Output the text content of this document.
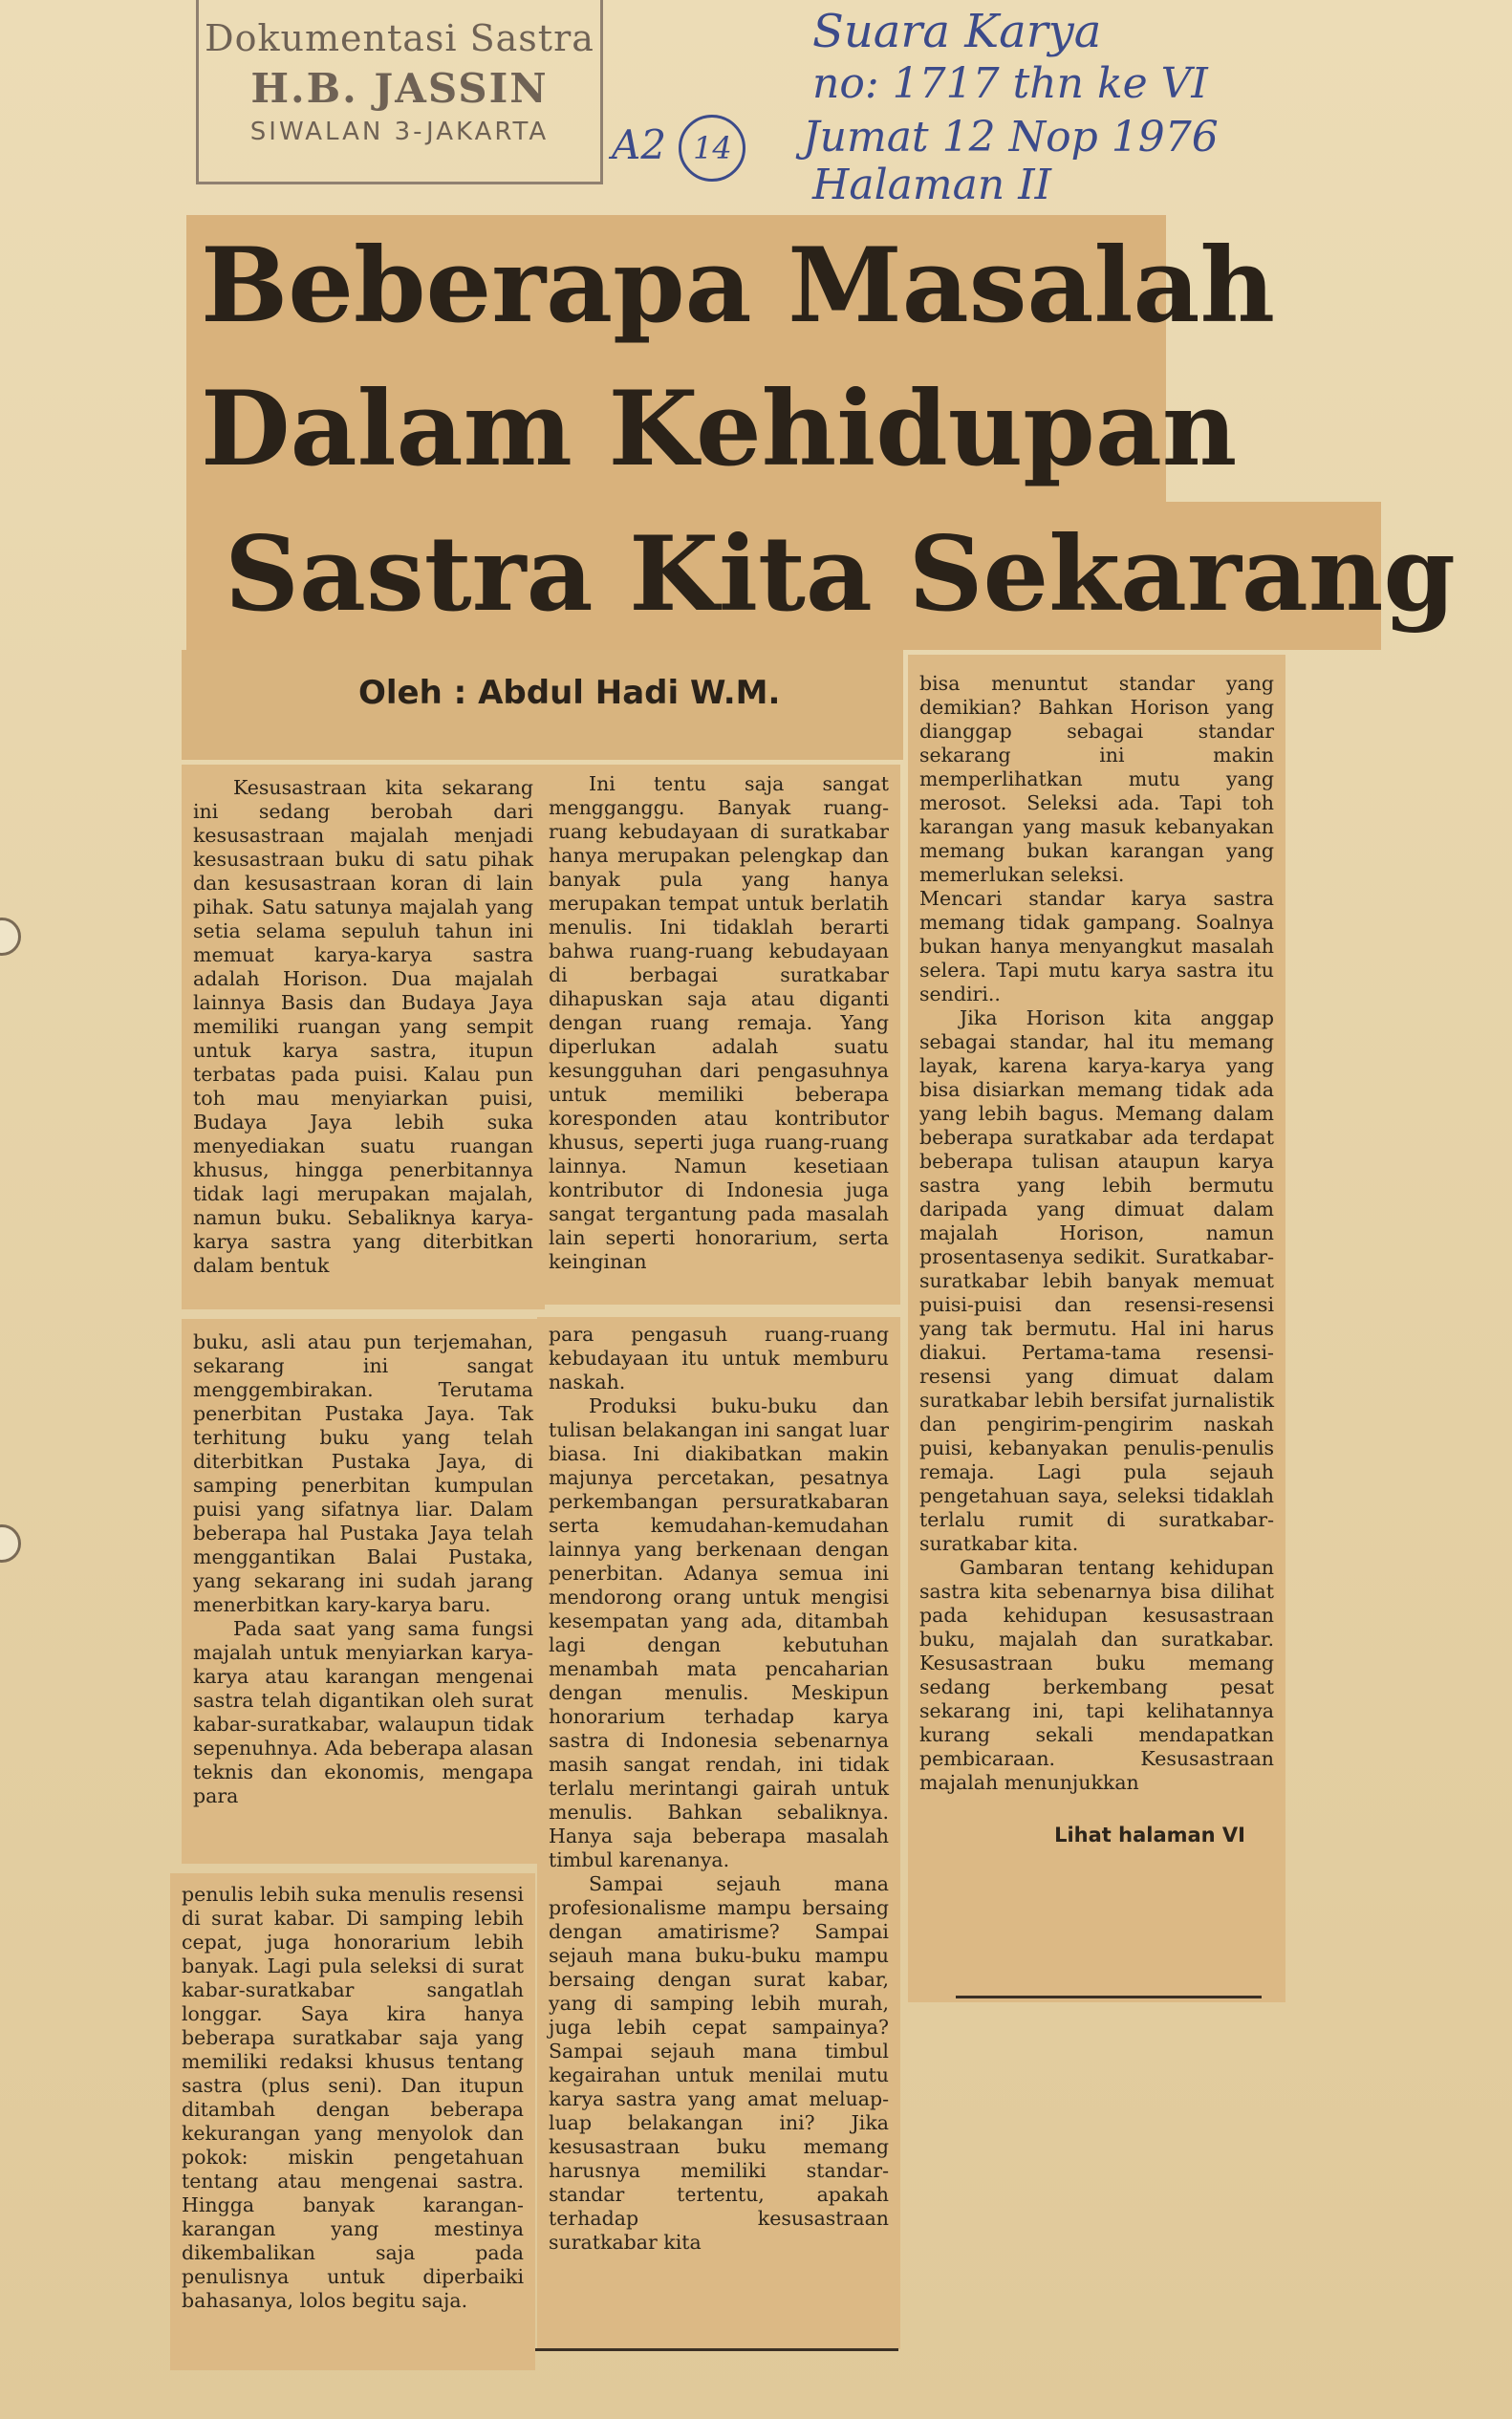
Dokumentasi Sastra
H.B. JASSIN
SIWALAN 3-JAKARTA
Suara Karya
no: 1717 thn ke VI
Jumat 12 Nop 1976
Halaman II
A2 14
Beberapa Masalah
Dalam Kehidupan
Sastra Kita Sekarang
Oleh : Abdul Hadi W.M.

Kesusastraan kita sekarang ini sedang berobah dari kesusastraan majalah menjadi kesusastraan buku di satu pihak dan kesusastraan koran di lain pihak. Satu satunya majalah yang setia selama sepuluh tahun ini memuat karya-karya sastra adalah Horison. Dua majalah lainnya Basis dan Budaya Jaya memiliki ruangan yang sempit untuk karya sastra, itupun terbatas pada puisi. Kalau pun toh mau menyiarkan puisi, Budaya Jaya lebih suka menyediakan suatu ruangan khusus, hingga penerbitannya tidak lagi merupakan majalah, namun buku. Sebaliknya karya-karya sastra yang diterbitkan dalam bentuk

buku, asli atau pun terjemahan, sekarang ini sangat menggembirakan. Terutama penerbitan Pustaka Jaya. Tak terhitung buku yang telah diterbitkan Pustaka Jaya, di samping penerbitan kumpulan puisi yang sifatnya liar. Dalam beberapa hal Pustaka Jaya telah menggantikan Balai Pustaka, yang sekarang ini sudah jarang menerbitkan kary-karya baru.

Pada saat yang sama fungsi majalah untuk menyiarkan karya-karya atau karangan mengenai sastra telah digantikan oleh surat kabar-suratkabar, walaupun tidak sepenuhnya. Ada beberapa alasan teknis dan ekonomis, mengapa para

penulis lebih suka menulis resensi di surat kabar. Di samping lebih cepat, juga honorarium lebih banyak. Lagi pula seleksi di surat kabar-suratkabar sangatlah longgar. Saya kira hanya beberapa suratkabar saja yang memiliki redaksi khusus tentang sastra (plus seni). Dan itupun ditambah dengan beberapa kekurangan yang menyolok dan pokok: miskin pengetahuan tentang atau mengenai sastra. Hingga banyak karangan-karangan yang mestinya dikembalikan saja pada penulisnya untuk diperbaiki bahasanya, lolos begitu saja.

Ini tentu saja sangat mengganggu. Banyak ruang-ruang kebudayaan di suratkabar hanya merupakan pelengkap dan banyak pula yang hanya merupakan tempat untuk berlatih menulis. Ini tidaklah berarti bahwa ruang-ruang kebudayaan di berbagai suratkabar dihapuskan saja atau diganti dengan ruang remaja. Yang diperlukan adalah suatu kesungguhan dari pengasuhnya untuk memiliki beberapa koresponden atau kontributor khusus, seperti juga ruang-ruang lainnya. Namun kesetiaan kontributor di Indonesia juga sangat tergantung pada masalah lain seperti honorarium, serta keinginan

para pengasuh ruang-ruang kebudayaan itu untuk memburu naskah.

Produksi buku-buku dan tulisan belakangan ini sangat luar biasa. Ini diakibatkan makin majunya percetakan, pesatnya perkembangan persuratkabaran serta kemudahan-kemudahan lainnya yang berkenaan dengan penerbitan. Adanya semua ini mendorong orang untuk mengisi kesempatan yang ada, ditambah lagi dengan kebutuhan menambah mata pencaharian dengan menulis. Meskipun honorarium terhadap karya sastra di Indonesia sebenarnya masih sangat rendah, ini tidak terlalu merintangi gairah untuk menulis. Bahkan sebaliknya. Hanya saja beberapa masalah timbul karenanya.

Sampai sejauh mana profesionalisme mampu bersaing dengan amatirisme? Sampai sejauh mana buku-buku mampu bersaing dengan surat kabar, yang di samping lebih murah, juga lebih cepat sampainya? Sampai sejauh mana timbul kegairahan untuk menilai mutu karya sastra yang amat meluap-luap belakangan ini? Jika kesusastraan buku memang harusnya memiliki standar-standar tertentu, apakah terhadap kesusastraan suratkabar kita

bisa menuntut standar yang demikian? Bahkan Horison yang dianggap sebagai standar sekarang ini makin memperlihatkan mutu yang merosot. Seleksi ada. Tapi toh karangan yang masuk kebanyakan memang bukan karangan yang memerlukan seleksi.

Mencari standar karya sastra memang tidak gampang. Soalnya bukan hanya menyangkut masalah selera. Tapi mutu karya sastra itu sendiri..

Jika Horison kita anggap sebagai standar, hal itu memang layak, karena karya-karya yang bisa disiarkan memang tidak ada yang lebih bagus. Memang dalam beberapa suratkabar ada terdapat beberapa tulisan ataupun karya sastra yang lebih bermutu daripada yang dimuat dalam majalah Horison, namun prosentasenya sedikit. Suratkabar-suratkabar lebih banyak memuat puisi-puisi dan resensi-resensi yang tak bermutu. Hal ini harus diakui. Pertama-tama resensi-resensi yang dimuat dalam suratkabar lebih bersifat jurnalistik dan pengirim-pengirim naskah puisi, kebanyakan penulis-penulis remaja. Lagi pula sejauh pengetahuan saya, seleksi tidaklah terlalu rumit di suratkabar-suratkabar kita.

Gambaran tentang kehidupan sastra kita sebenarnya bisa dilihat pada kehidupan kesusastraan buku, majalah dan suratkabar. Kesusastraan buku memang sedang berkembang pesat sekarang ini, tapi kelihatannya kurang sekali mendapatkan pembicaraan. Kesusastraan majalah menunjukkan

Lihat halaman VI
